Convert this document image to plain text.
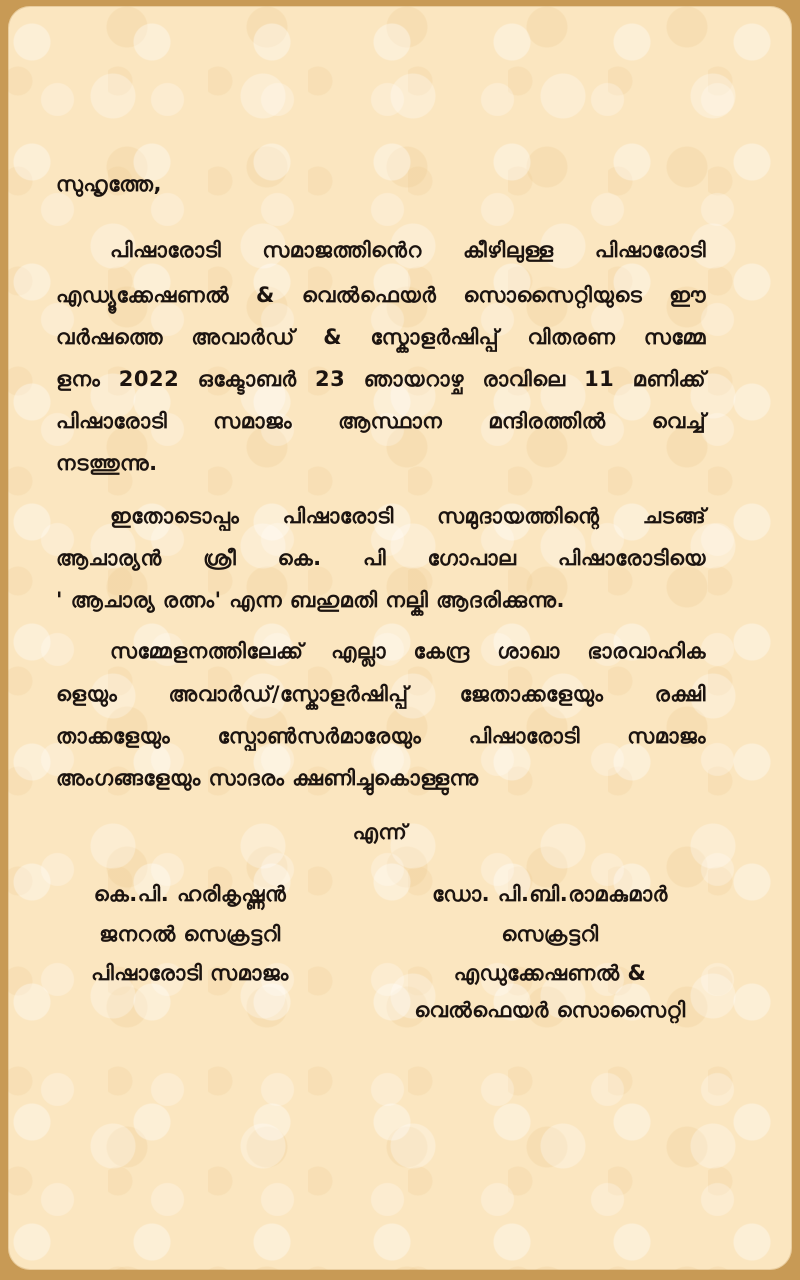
സുഹൃത്തേ,
പിഷാരോടി സമാജത്തിൻെറ കീഴിലുള്ള പിഷാരോടി
എഡ്യൂക്കേഷണൽ & വെൽഫെയർ സൊസൈറ്റിയുടെ ഈ
വർഷത്തെ അവാർഡ് & സ്കോളർഷിപ്പ് വിതരണ സമ്മേ
ളനം 2022 ഒക്ടോബർ 23 ഞായറാഴ്ച രാവിലെ 11 മണിക്ക്
പിഷാരോടി സമാജം ആസ്ഥാന മന്ദിരത്തിൽ വെച്ച്
നടത്തുന്നു.
ഇതോടൊപ്പം പിഷാരോടി സമുദായത്തിന്റെ ചടങ്ങ്
ആചാര്യൻ ശ്രീ കെ. പി ഗോപാല പിഷാരോടിയെ
' ആചാര്യ രത്നം' എന്ന ബഹുമതി നല്കി ആദരിക്കുന്നു.
സമ്മേളനത്തിലേക്ക് എല്ലാ കേന്ദ്ര ശാഖാ ഭാരവാഹിക
ളെയും അവാർഡ്/സ്കോളർഷിപ്പ് ജേതാക്കളേയും രക്ഷി
താക്കളേയും സ്പോൺസർമാരേയും പിഷാരോടി സമാജം
അംഗങ്ങളേയും സാദരം ക്ഷണിച്ചുകൊള്ളുന്നു
എന്ന്
കെ.പി. ഹരികൃഷ്ണൻ
ജനറൽ സെക്രട്ടറി
പിഷാരോടി സമാജം
ഡോ. പി.ബി.രാമകുമാർ
സെക്രട്ടറി
എഡുക്കേഷണൽ &
വെൽഫെയർ സൊസൈറ്റി
